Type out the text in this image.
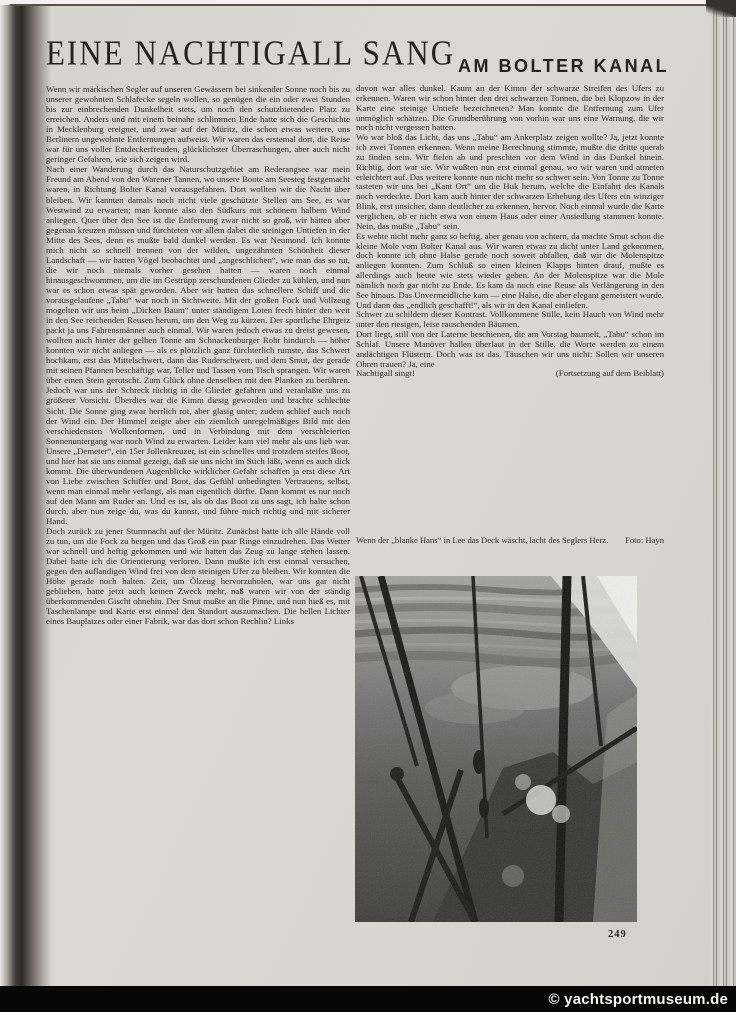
EINE NACHTIGALL SANG AM BOLTER KANAL

Wenn wir märkischen Segler auf unseren Gewässern bei sinkender Sonne noch bis zu unserer gewohnten Schlafecke segeln wollen, so genügen die ein oder zwei Stunden bis zur einbrechenden Dunkelheit stets, um noch den schutzbietenden Platz zu erreichen. Anders und mit einem beinahe schlimmen Ende hatte sich die Geschichte in Mecklenburg ereignet, und zwar auf der Müritz, die schon etwas weitere, uns Berlinern ungewohnte Entfernungen aufweist. Wir waren das erstemal dort, die Reise war für uns voller Entdeckerfreuden, glücklichster Überraschungen, aber auch nicht geringer Gefahren, wie sich zeigen wird.

Nach einer Wanderung durch das Naturschutzgebiet am Rederangsee war mein Freund am Abend von den Warener Tannen, wo unsere Boote am Seesteg festgemacht waren, in Richtung Bolter Kanal vorausgefahren. Dort wollten wir die Nacht über bleiben. Wir kannten damals noch nicht viele geschützte Stellen am See, es war Westwind zu erwarten; man konnte also den Südkurs mit schönem halbem Wind anliegen. Quer über den See ist die Entfernung zwar nicht so groß, wir hätten aber gegenan kreuzen müssen und fürchteten vor allem dabei die steinigen Untiefen in der Mitte des Sees, denn es mußte bald dunkel werden. Es war Neumond. Ich konnte mich nicht so schnell trennen von der wilden, ungezähmten Schönheit dieser Landschaft — wir hatten Vögel beobachtet und „angeschlichen“, wie man das so tut, die wir noch niemals vorher gesehen hatten — waren noch einmal hinausgeschwommen, um die im Gestrüpp zerschundenen Glieder zu kühlen, und nun war es schon etwas spät geworden. Aber wir hatten das schnellere Schiff und die vorausgelaufene „Tabu“ war noch in Sichtweite. Mit der großen Fock und Vollzeug mogelten wir uns beim „Dicken Baum“ unter ständigem Loten frech hinter den weit in den See reichenden Reusen herum, um den Weg zu kürzen. Der sportliche Ehrgeiz packt ja uns Fahrensmänner auch einmal. Wir waren jedoch etwas zu dreist gewesen, wollten auch hinter der gelben Tonne am Schnackenburger Rohr hindurch — höher konnten wir nicht anliegen — als es plötzlich ganz fürchterlich rumste, das Schwert hochkam, erst das Mittelschwert, dann das Ruderschwert, und dem Smut, der gerade mit seinen Pfannen beschäftigt war, Teller und Tassen vom Tisch sprangen. Wir waren über einen Stein gerutscht. Zum Glück ohne denselben mit den Planken zu berühren. Jedoch war uns der Schreck tüchtig in die Glieder gefahren und veranlaßte uns zu größerer Vorsicht. Überdies war die Kimm diesig geworden und brachte schlechte Sicht. Die Sonne ging zwar herrlich rot, aber glasig unter; zudem schlief auch noch der Wind ein. Der Himmel zeigte aber ein ziemlich unregelmäßiges Bild mit den verschiedensten Wolkenformen, und in Verbindung mit dem verschleierten Sonnenuntergang war noch Wind zu erwarten. Leider kam viel mehr als uns lieb war. Unsere „Demeter“, ein 15er Jollenkreuzer, ist ein schnelles und trotzdem steifes Boot, und hier hat sie uns einmal gezeigt, daß sie uns nicht im Stich läßt, wenn es auch dick kommt. Die überwundenen Augenblicke wirklicher Gefahr schaffen ja erst diese Art von Liebe zwischen Schiffer und Boot, das Gefühl unbedingten Vertrauens, selbst, wenn man einmal mehr verlangt, als man eigentlich dürfte. Dann kommt es nur noch auf den Mann am Ruder an. Und es ist, als ob das Boot zu uns sagt, ich halte schon durch, aber nun zeige du, was du kannst, und führe mich richtig und mit sicherer Hand.

Doch zurück zu jener Sturmnacht auf der Müritz. Zunächst hatte ich alle Hände voll zu tun, um die Fock zu bergen und das Groß ein paar Ringe einzudrehen. Das Wetter war schnell und heftig gekommen und wir hatten das Zeug zu lange stehen lassen. Dabei hatte ich die Orientierung verloren. Dann mußte ich erst einmal versuchen, gegen den auflandigen Wind frei von dem steinigen Ufer zu bleiben. Wir konnten die Höhe gerade noch halten. Zeit, um Ölzeug hervorzuholen, war uns gar nicht geblieben, hatte jetzt auch keinen Zweck mehr, naß waren wir von der ständig überkommenden Gischt ohnehin. Der Smut mußte an die Pinne, und nun hieß es, mit Taschenlampe und Karte erst einmal den Standort auszumachen. Die hellen Lichter eines Bauplatzes oder einer Fabrik, war das dort schon Rechlin? Links

davon war alles dunkel. Kaum an der Kimm der schwarze Streifen des Ufers zu erkennen. Waren wir schon hinter den drei schwarzen Tonnen, die bei Klopzow in der Karte eine steinige Untiefe bezeichneten? Man konnte die Entfernung zum Ufer unmöglich schätzen. Die Grundberührung von vorhin war uns eine Warnung, die wir noch nicht vergessen hatten.

Wo war bloß das Licht, das uns „Tabu“ am Ankerplatz zeigen wollte? Ja, jetzt konnte ich zwei Tonnen erkennen. Wenn meine Berechnung stimmte, mußte die dritte querab zu finden sein. Wir fielen ab und preschten vor dem Wind in das Dunkel hinein. Richtig, dort war sie. Wir wußten nun erst einmal genau, wo wir waren und atmeten erleichtert auf. Das weitere konnte nun nicht mehr so schwer sein. Von Tonne zu Tonne tasteten wir uns bei „Kant Ort“ um die Huk herum, welche die Einfahrt des Kanals noch verdeckte. Dort kam auch hinter der schwarzen Erhebung des Ufers ein winziger Blink, erst unsicher, dann deutlicher zu erkennen, hervor. Noch einmal wurde die Karte verglichen, ob er nicht etwa von einem Haus oder einer Ansiedlung stammen konnte. Nein, das mußte „Tabu“ sein.

Es wehte nicht mehr ganz so heftig, aber genau von achtern, da machte Smut schon die kleine Mole vom Bolter Kanal aus. Wir waren etwas zu dicht unter Land gekommen, doch konnte ich ohne Halse gerade noch soweit abfallen, daß wir die Molenspitze anliegen konnten. Zum Schluß so einen kleinen Klapps hinten drauf, mußte es allerdings auch heute wie stets wieder geben. An der Molenspitze war die Mole nämlich noch gar nicht zu Ende. Es kam da noch eine Reuse als Verlängerung in den See hinaus. Das Unvermeidliche kam — eine Halse, die aber elegant gemeistert wurde. Und dann das „endlich geschafft!“, als wir in den Kanal einliefen.

Schwer zu schildern dieser Kontrast. Vollkommene Stille, kein Hauch von Wind mehr unter den riesigen, leise rauschenden Bäumen.

Dort liegt, still von der Laterne beschienen, die am Vorstag baumelt, „Tabu“ schon im Schlaf. Unsere Manöver hallen überlaut in der Stille, die Worte werden zu einem andächtigen Flüstern. Doch was ist das. Täuschen wir uns nicht: Sollen wir unseren Ohren trauen? Ja, eine

Nachtigall singt!	(Fortsetzung auf dem Beiblatt)
Wenn der „blanke Hans“ in Lee das Deck wäscht, lacht des Seglers Herz. Foto: Hayn
249
© yachtsportmuseum.de
